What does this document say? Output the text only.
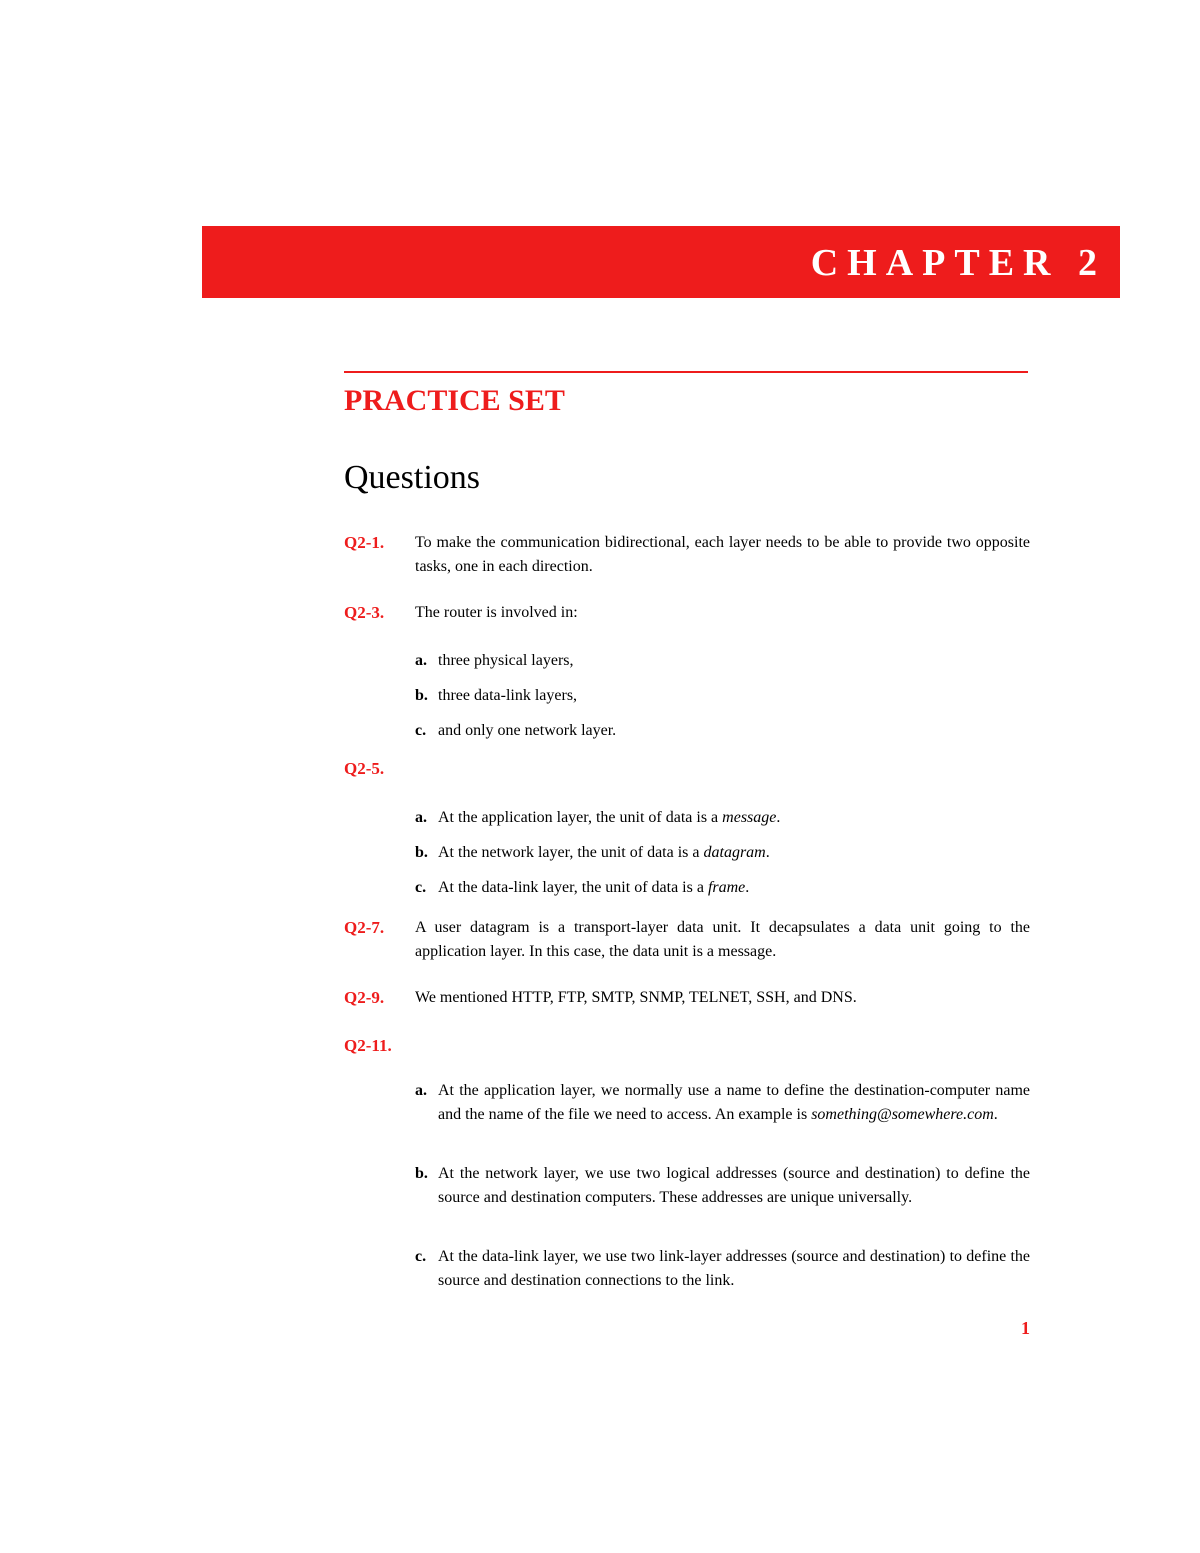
CHAPTER 2
PRACTICE SET
Questions
Q2-1.	To make the communication bidirectional, each layer needs to be able to provide two opposite tasks, one in each direction.
Q2-3.	The router is involved in:
a. three physical layers,
b. three data-link layers,
c. and only one network layer.
Q2-5.
a. At the application layer, the unit of data is a message.
b. At the network layer, the unit of data is a datagram.
c. At the data-link layer, the unit of data is a frame.
Q2-7.	A user datagram is a transport-layer data unit. It decapsulates a data unit going to the application layer. In this case, the data unit is a message.
Q2-9.	We mentioned HTTP, FTP, SMTP, SNMP, TELNET, SSH, and DNS.
Q2-11.
a. At the application layer, we normally use a name to define the destination-computer name and the name of the file we need to access. An example is something@somewhere.com.
b. At the network layer, we use two logical addresses (source and destination) to define the source and destination computers. These addresses are unique universally.
c. At the data-link layer, we use two link-layer addresses (source and destination) to define the source and destination connections to the link.
1
